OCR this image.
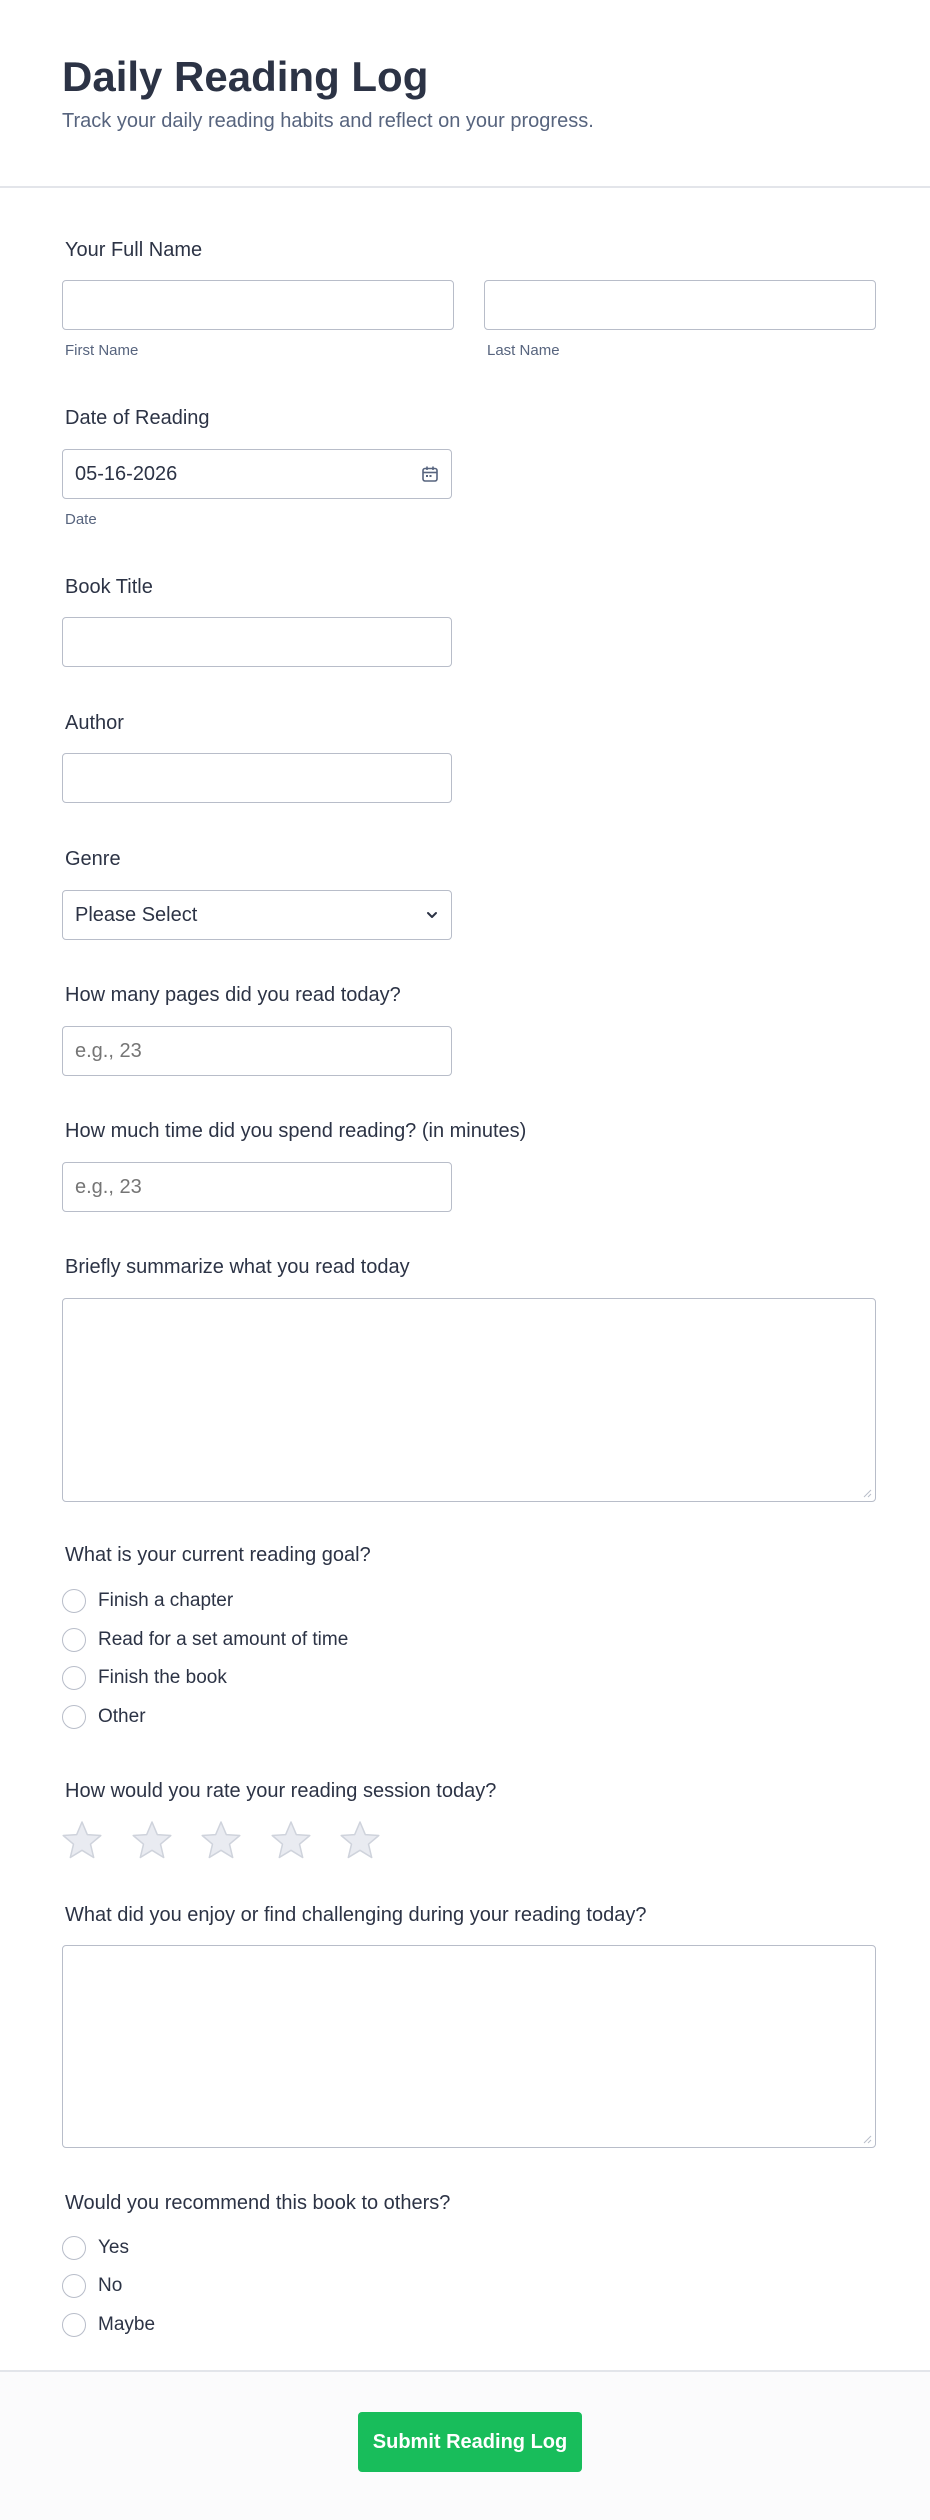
Daily Reading Log
Track your daily reading habits and reflect on your progress.
Your Full Name
First Name	Last Name
Date of Reading
05-16-2026
Date
Book Title
Author
Genre
Please Select
How many pages did you read today?
e.g., 23
How much time did you spend reading? (in minutes)
e.g., 23
Briefly summarize what you read today
What is your current reading goal?
Finish a chapter
Read for a set amount of time
Finish the book
Other
How would you rate your reading session today?
What did you enjoy or find challenging during your reading today?
Would you recommend this book to others?
Yes
No
Maybe
Submit Reading Log
